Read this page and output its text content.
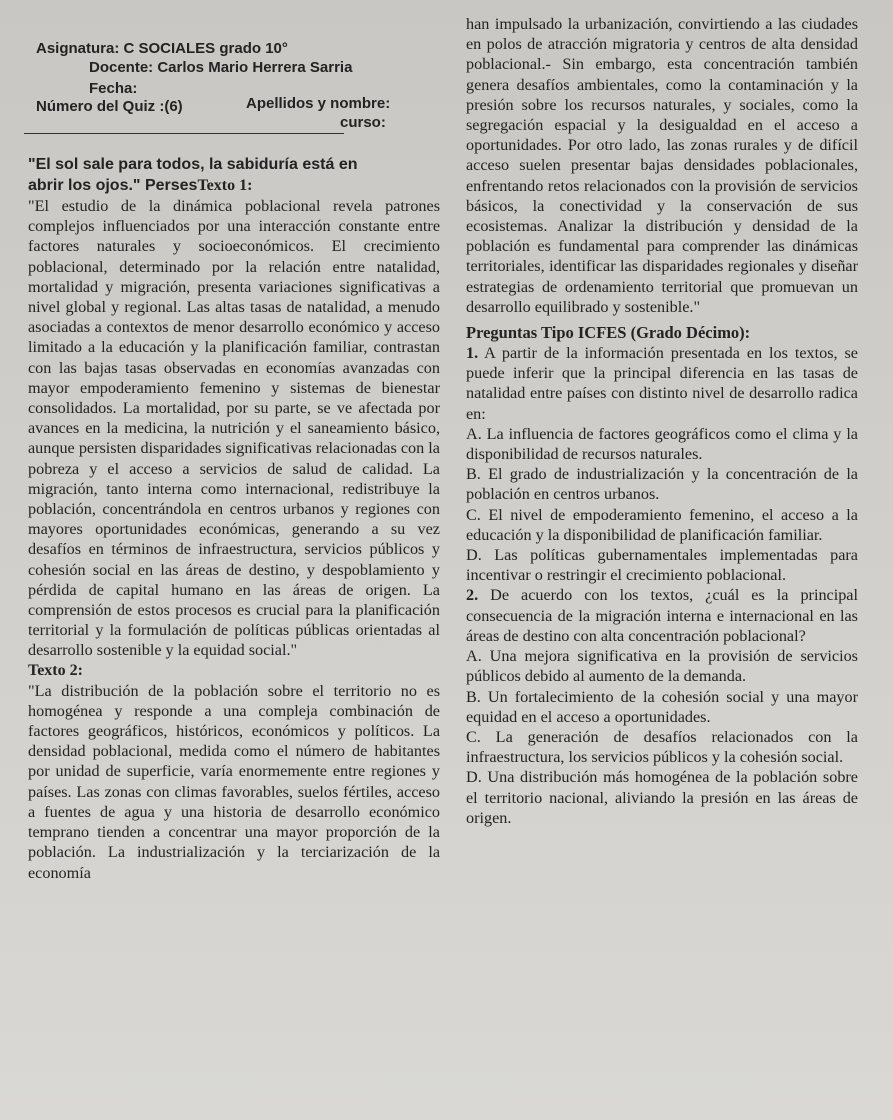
Asignatura: C SOCIALES grado 10°
Docente: Carlos Mario Herrera Sarria
Fecha:
Número del Quiz :(6)	Apellidos y nombre:
curso:
"El sol sale para todos, la sabiduría está en
abrir los ojos." PersesTexto 1:

"El estudio de la dinámica poblacional revela patrones complejos influenciados por una interacción constante entre factores naturales y socioeconómicos. El crecimiento poblacional, determinado por la relación entre natalidad, mortalidad y migración, presenta variaciones significativas a nivel global y regional. Las altas tasas de natalidad, a menudo asociadas a contextos de menor desarrollo económico y acceso limitado a la educación y la planificación familiar, contrastan con las bajas tasas observadas en economías avanzadas con mayor empoderamiento femenino y sistemas de bienestar consolidados. La mortalidad, por su parte, se ve afectada por avances en la medicina, la nutrición y el saneamiento básico, aunque persisten disparidades significativas relacionadas con la pobreza y el acceso a servicios de salud de calidad. La migración, tanto interna como internacional, redistribuye la población, concentrándola en centros urbanos y regiones con mayores oportunidades económicas, generando a su vez desafíos en términos de infraestructura, servicios públicos y cohesión social en las áreas de destino, y despoblamiento y pérdida de capital humano en las áreas de origen. La comprensión de estos procesos es crucial para la planificación territorial y la formulación de políticas públicas orientadas al desarrollo sostenible y la equidad social."

Texto 2:

"La distribución de la población sobre el territorio no es homogénea y responde a una compleja combinación de factores geográficos, históricos, económicos y políticos. La densidad poblacional, medida como el número de habitantes por unidad de superficie, varía enormemente entre regiones y países. Las zonas con climas favorables, suelos fértiles, acceso a fuentes de agua y una historia de desarrollo económico temprano tienden a concentrar una mayor proporción de la población. La industrialización y la terciarización de la economía

han impulsado la urbanización, convirtiendo a las ciudades en polos de atracción migratoria y centros de alta densidad poblacional.- Sin embargo, esta concentración también genera desafíos ambientales, como la contaminación y la presión sobre los recursos naturales, y sociales, como la segregación espacial y la desigualdad en el acceso a oportunidades. Por otro lado, las zonas rurales y de difícil acceso suelen presentar bajas densidades poblacionales, enfrentando retos relacionados con la provisión de servicios básicos, la conectividad y la conservación de sus ecosistemas. Analizar la distribución y densidad de la población es fundamental para comprender las dinámicas territoriales, identificar las disparidades regionales y diseñar estrategias de ordenamiento territorial que promuevan un desarrollo equilibrado y sostenible."

Preguntas Tipo ICFES (Grado Décimo):

1. A partir de la información presentada en los textos, se puede inferir que la principal diferencia en las tasas de natalidad entre países con distinto nivel de desarrollo radica en:

A. La influencia de factores geográficos como el clima y la disponibilidad de recursos naturales.

B. El grado de industrialización y la concentración de la población en centros urbanos.

C. El nivel de empoderamiento femenino, el acceso a la educación y la disponibilidad de planificación familiar.

D. Las políticas gubernamentales implementadas para incentivar o restringir el crecimiento poblacional.

2. De acuerdo con los textos, ¿cuál es la principal consecuencia de la migración interna e internacional en las áreas de destino con alta concentración poblacional?

A. Una mejora significativa en la provisión de servicios públicos debido al aumento de la demanda.

B. Un fortalecimiento de la cohesión social y una mayor equidad en el acceso a oportunidades.

C. La generación de desafíos relacionados con la infraestructura, los servicios públicos y la cohesión social.

D. Una distribución más homogénea de la población sobre el territorio nacional, aliviando la presión en las áreas de origen.
